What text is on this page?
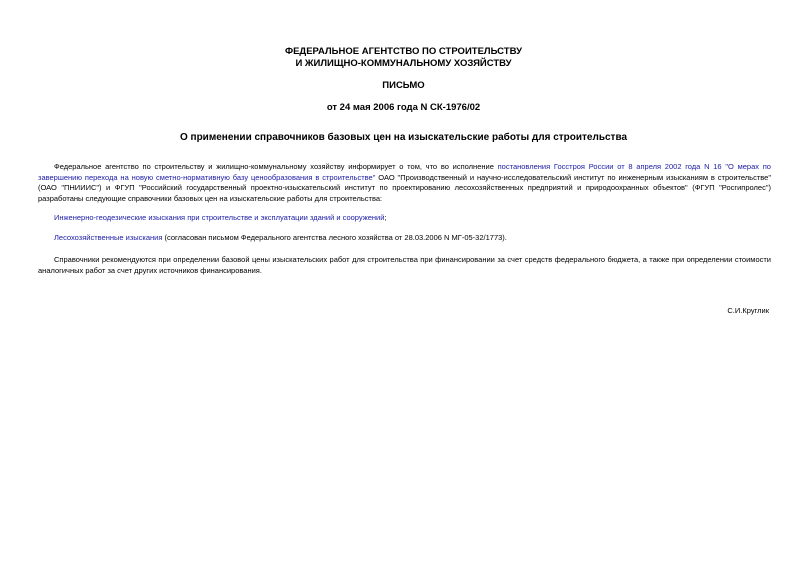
ФЕДЕРАЛЬНОЕ АГЕНТСТВО ПО СТРОИТЕЛЬСТВУ
И ЖИЛИЩНО-КОММУНАЛЬНОМУ ХОЗЯЙСТВУ
ПИСЬМО
от 24 мая 2006 года N СК-1976/02
О применении справочников базовых цен на изыскательские работы для строительства

Федеральное агентство по строительству и жилищно-коммунальному хозяйству информирует о том, что во исполнение постановления Госстроя России от 8 апреля 2002 года N 16 "О мерах по завершению перехода на новую сметно-нормативную базу ценообразования в строительстве" ОАО "Производственный и научно-исследовательский институт по инженерным изысканиям в строительстве" (ОАО "ПНИИИС") и ФГУП "Российский государственный проектно-изыскательский институт по проектированию лесохозяйственных предприятий и природоохранных объектов" (ФГУП "Росгипролес") разработаны следующие справочники базовых цен на изыскательские работы для строительства:

Инженерно-геодезические изыскания при строительстве и эксплуатации зданий и сооружений;

Лесохозяйственные изыскания (согласован письмом Федерального агентства лесного хозяйства от 28.03.2006 N МГ-05-32/1773).

Справочники рекомендуются при определении базовой цены изыскательских работ для строительства при финансировании за счет средств федерального бюджета, а также при определении стоимости аналогичных работ за счет других источников финансирования.

С.И.Круглик
